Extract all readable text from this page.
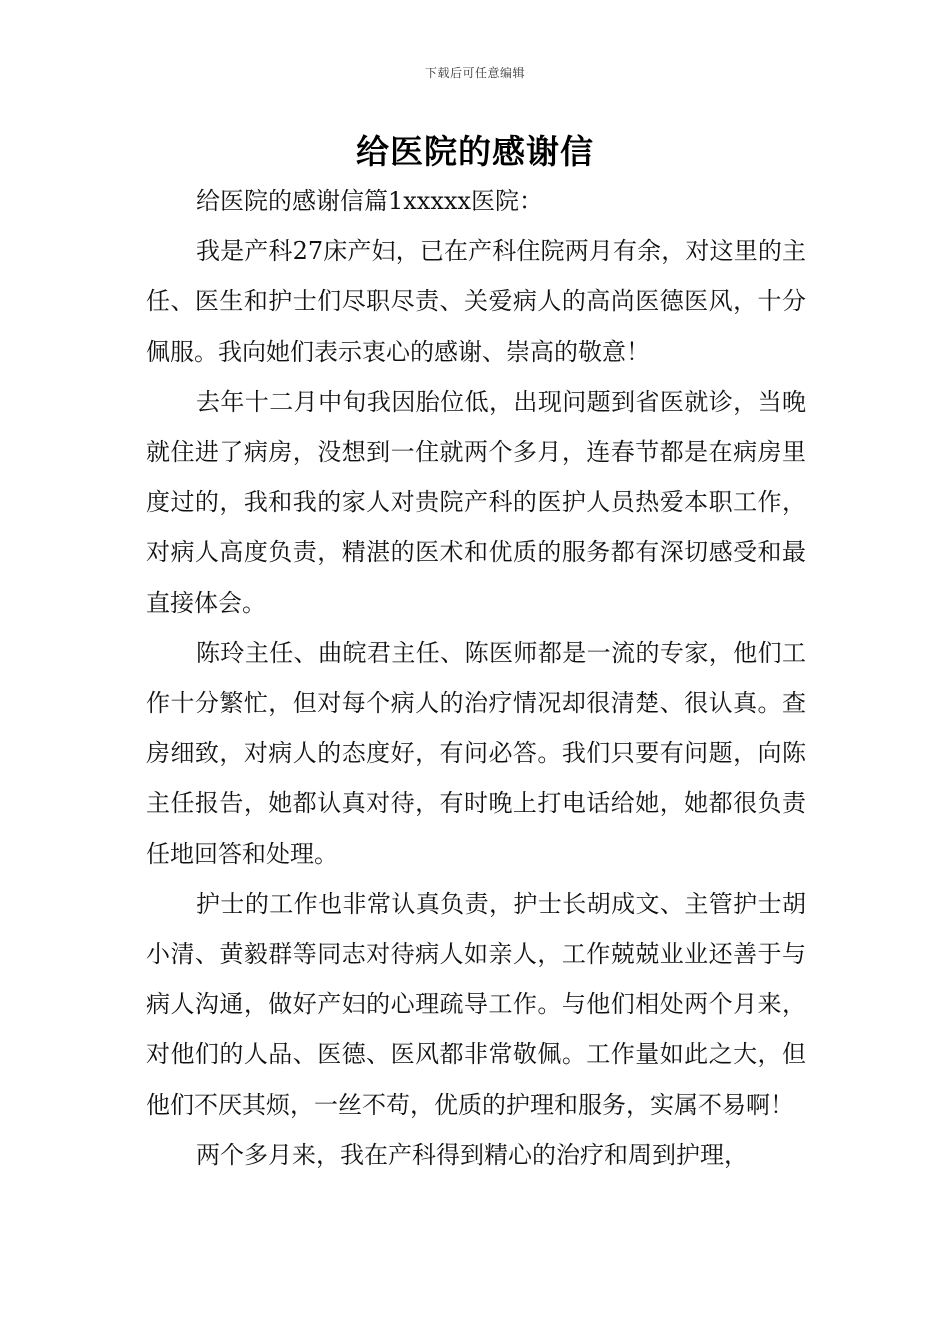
下载后可任意编辑
给医院的感谢信

给医院的感谢信篇1xxxxx医院：

我是产科27床产妇，已在产科住院两月有余，对这里的主任、医生和护士们尽职尽责、关爱病人的高尚医德医风，十分佩服。我向她们表示衷心的感谢、崇高的敬意！

去年十二月中旬我因胎位低，出现问题到省医就诊，当晚就住进了病房，没想到一住就两个多月，连春节都是在病房里度过的，我和我的家人对贵院产科的医护人员热爱本职工作，对病人高度负责，精湛的医术和优质的服务都有深切感受和最直接体会。

陈玲主任、曲皖君主任、陈医师都是一流的专家，他们工作十分繁忙，但对每个病人的治疗情况却很清楚、很认真。查房细致，对病人的态度好，有问必答。我们只要有问题，向陈主任报告，她都认真对待，有时晚上打电话给她，她都很负责任地回答和处理。

护士的工作也非常认真负责，护士长胡成文、主管护士胡小清、黄毅群等同志对待病人如亲人，工作兢兢业业还善于与病人沟通，做好产妇的心理疏导工作。与他们相处两个月来，对他们的人品、医德、医风都非常敬佩。工作量如此之大，但他们不厌其烦，一丝不苟，优质的护理和服务，实属不易啊！

两个多月来，我在产科得到精心的治疗和周到护理，
